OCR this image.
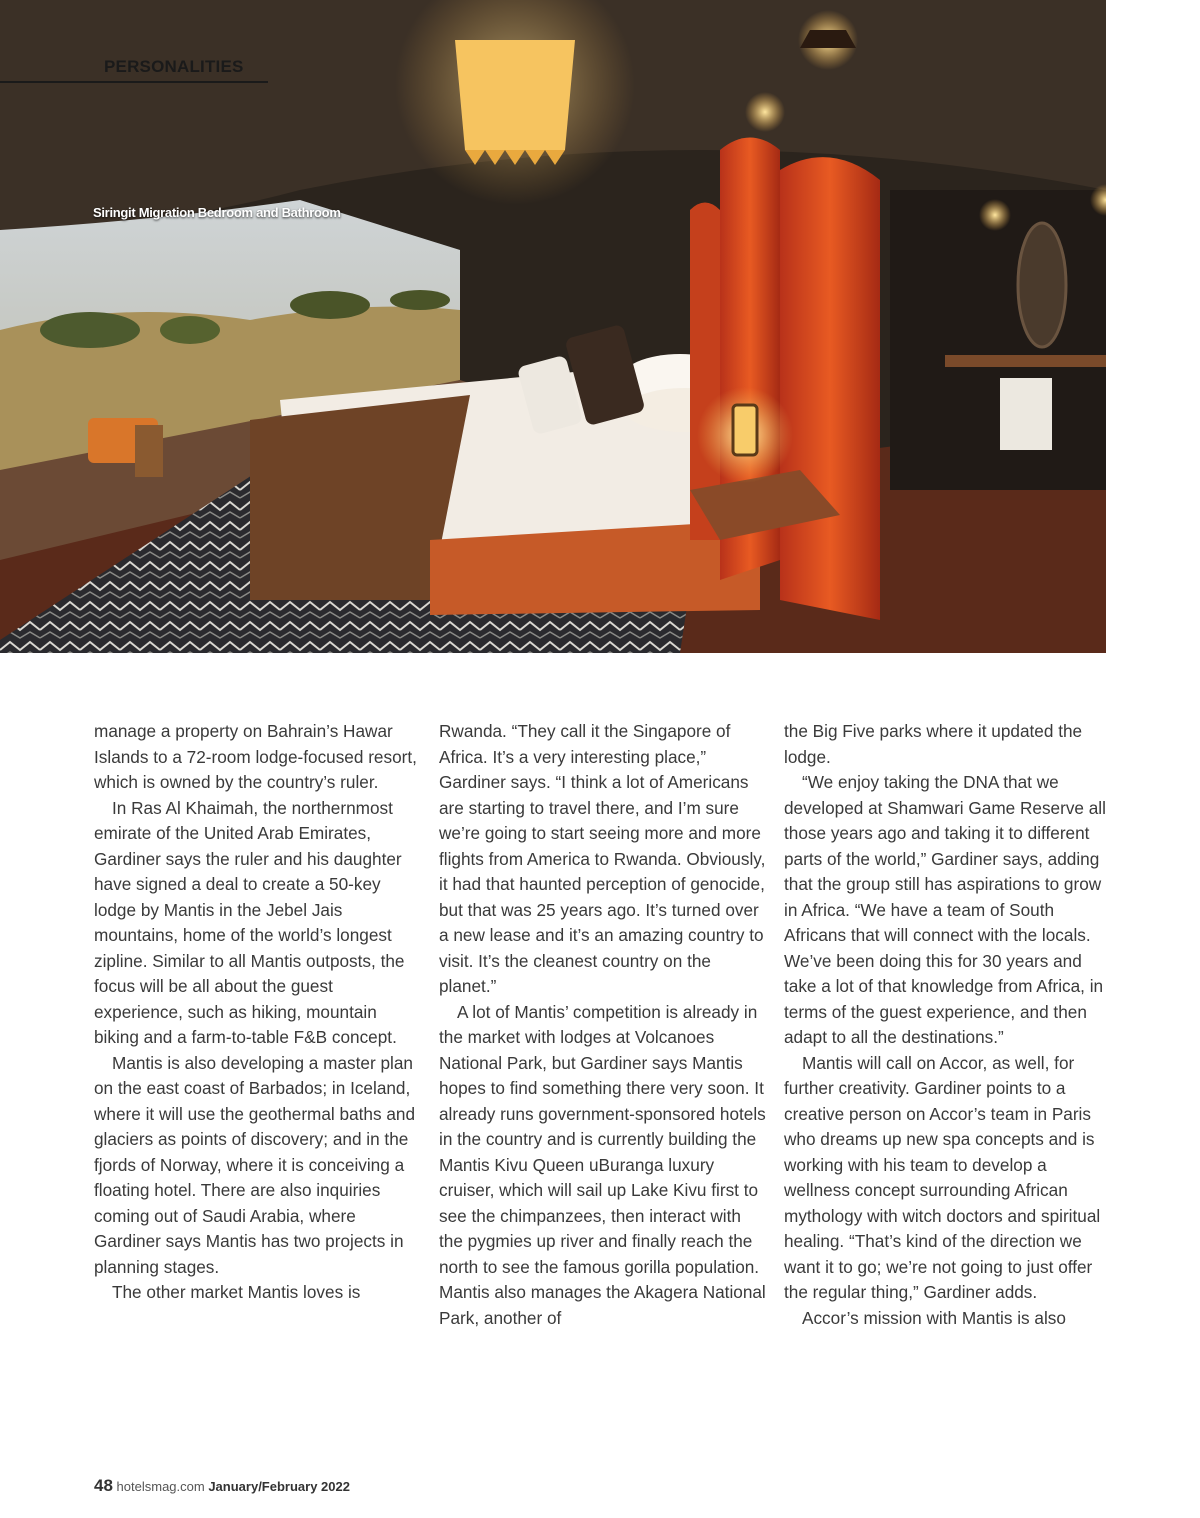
Siringit Migration Bedroom and Bathroom

PERSONALITIES

manage a property on Bahrain’s Hawar Islands to a 72-room lodge-focused resort, which is owned by the country’s ruler.

In Ras Al Khaimah, the northernmost emirate of the United Arab Emirates, Gardiner says the ruler and his daughter have signed a deal to create a 50-key lodge by Mantis in the Jebel Jais mountains, home of the world’s longest zipline. Similar to all Mantis outposts, the focus will be all about the guest experience, such as hiking, mountain biking and a farm-to-table F&B concept.

Mantis is also developing a master plan on the east coast of Barbados; in Iceland, where it will use the geothermal baths and glaciers as points of discovery; and in the fjords of Norway, where it is conceiving a floating hotel. There are also inquiries coming out of Saudi Arabia, where Gardiner says Mantis has two projects in planning stages.

The other market Mantis loves is

Rwanda. “They call it the Singapore of Africa. It’s a very interesting place,” Gardiner says. “I think a lot of Americans are starting to travel there, and I’m sure we’re going to start seeing more and more flights from America to Rwanda. Obviously, it had that haunted perception of genocide, but that was 25 years ago. It’s turned over a new lease and it’s an amazing country to visit. It’s the cleanest country on the planet.”

A lot of Mantis’ competition is already in the market with lodges at Volcanoes National Park, but Gardiner says Mantis hopes to find something there very soon. It already runs government-sponsored hotels in the country and is currently building the Mantis Kivu Queen uBuranga luxury cruiser, which will sail up Lake Kivu first to see the chimpanzees, then interact with the pygmies up river and finally reach the north to see the famous gorilla population. Mantis also manages the Akagera National Park, another of

the Big Five parks where it updated the lodge.

“We enjoy taking the DNA that we developed at Shamwari Game Reserve all those years ago and taking it to different parts of the world,” Gardiner says, adding that the group still has aspirations to grow in Africa. “We have a team of South Africans that will connect with the locals. We’ve been doing this for 30 years and take a lot of that knowledge from Africa, in terms of the guest experience, and then adapt to all the destinations.”

Mantis will call on Accor, as well, for further creativity. Gardiner points to a creative person on Accor’s team in Paris who dreams up new spa concepts and is working with his team to develop a wellness concept surrounding African mythology with witch doctors and spiritual healing. “That’s kind of the direction we want it to go; we’re not going to just offer the regular thing,” Gardiner adds.

Accor’s mission with Mantis is also

48 hotelsmag.com January/February 2022
